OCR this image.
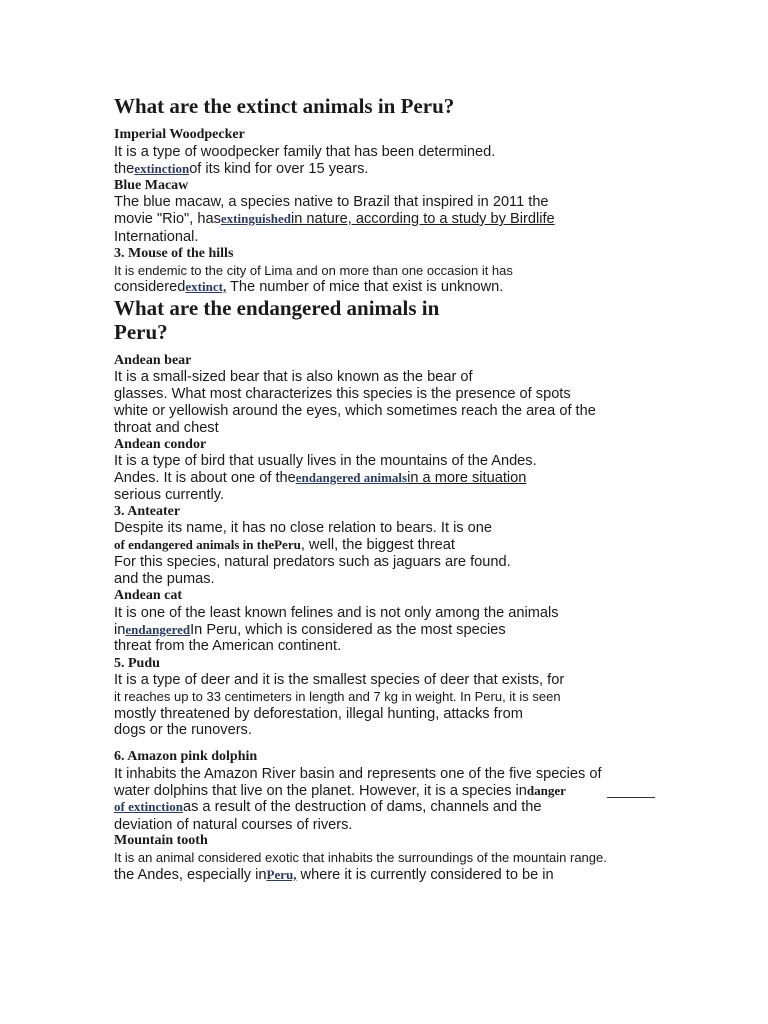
What are the extinct animals in Peru?
Imperial Woodpecker
It is a type of woodpecker family that has been determined.
theextinctionof its kind for over 15 years.
Blue Macaw
The blue macaw, a species native to Brazil that inspired in 2011 the
movie "Rio", hasextinguishedin nature, according to a study by Birdlife
International.
3. Mouse of the hills
It is endemic to the city of Lima and on more than one occasion it has
consideredextinct, The number of mice that exist is unknown.
What are the endangered animals in
Peru?
Andean bear
It is a small-sized bear that is also known as the bear of
glasses. What most characterizes this species is the presence of spots
white or yellowish around the eyes, which sometimes reach the area of the
throat and chest
Andean condor
It is a type of bird that usually lives in the mountains of the Andes.
Andes. It is about one of theendangered animalsin a more situation
serious currently.
3. Anteater
Despite its name, it has no close relation to bears. It is one
of endangered animals in thePeru, well, the biggest threat
For this species, natural predators such as jaguars are found.
and the pumas.
Andean cat
It is one of the least known felines and is not only among the animals
inendangeredIn Peru, which is considered as the most species
threat from the American continent.
5. Pudu
It is a type of deer and it is the smallest species of deer that exists, for
it reaches up to 33 centimeters in length and 7 kg in weight. In Peru, it is seen
mostly threatened by deforestation, illegal hunting, attacks from
dogs or the runovers.
6. Amazon pink dolphin
It inhabits the Amazon River basin and represents one of the five species of
water dolphins that live on the planet. However, it is a species indanger
of extinctionas a result of the destruction of dams, channels and the
deviation of natural courses of rivers.
Mountain tooth
It is an animal considered exotic that inhabits the surroundings of the mountain range.
the Andes, especially inPeru, where it is currently considered to be in
